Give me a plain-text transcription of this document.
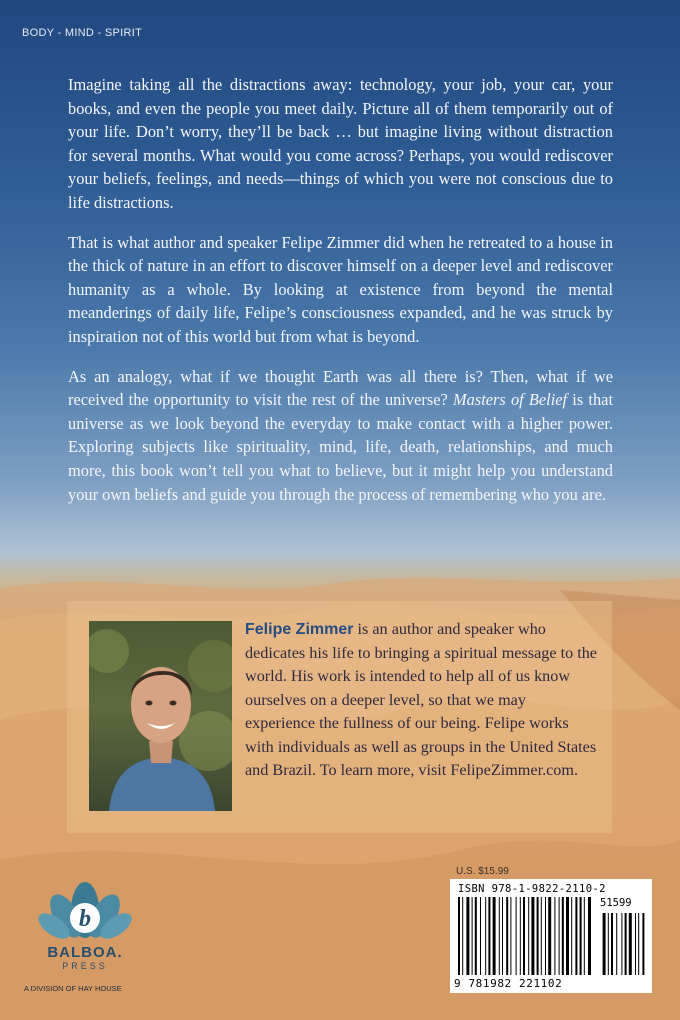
BODY - MIND - SPIRIT

Imagine taking all the distractions away: technology, your job, your car, your books, and even the people you meet daily. Picture all of them temporarily out of your life. Don’t worry, they’ll be back … but imagine living without distraction for several months. What would you come across? Perhaps, you would rediscover your beliefs, feelings, and needs—things of which you were not conscious due to life distractions.

That is what author and speaker Felipe Zimmer did when he retreated to a house in the thick of nature in an effort to discover himself on a deeper level and rediscover humanity as a whole. By looking at existence from beyond the mental meanderings of daily life, Felipe’s consciousness expanded, and he was struck by inspiration not of this world but from what is beyond.

As an analogy, what if we thought Earth was all there is? Then, what if we received the opportunity to visit the rest of the universe? Masters of Belief is that universe as we look beyond the everyday to make contact with a higher power. Exploring subjects like spirituality, mind, life, death, relationships, and much more, this book won’t tell you what to believe, but it might help you understand your own beliefs and guide you through the process of remembering who you are.

Felipe Zimmer is an author and speaker who dedicates his life to bringing a spiritual message to the world. His work is intended to help all of us know ourselves on a deeper level, so that we may experience the fullness of our being. Felipe works with individuals as well as groups in the United States and Brazil. To learn more, visit FelipeZimmer.com.

b

BALBOA.

PRESS

A DIVISION OF HAY HOUSE

U.S. $15.99

ISBN 978-1-9822-2110-2

51599

9 781982 221102
